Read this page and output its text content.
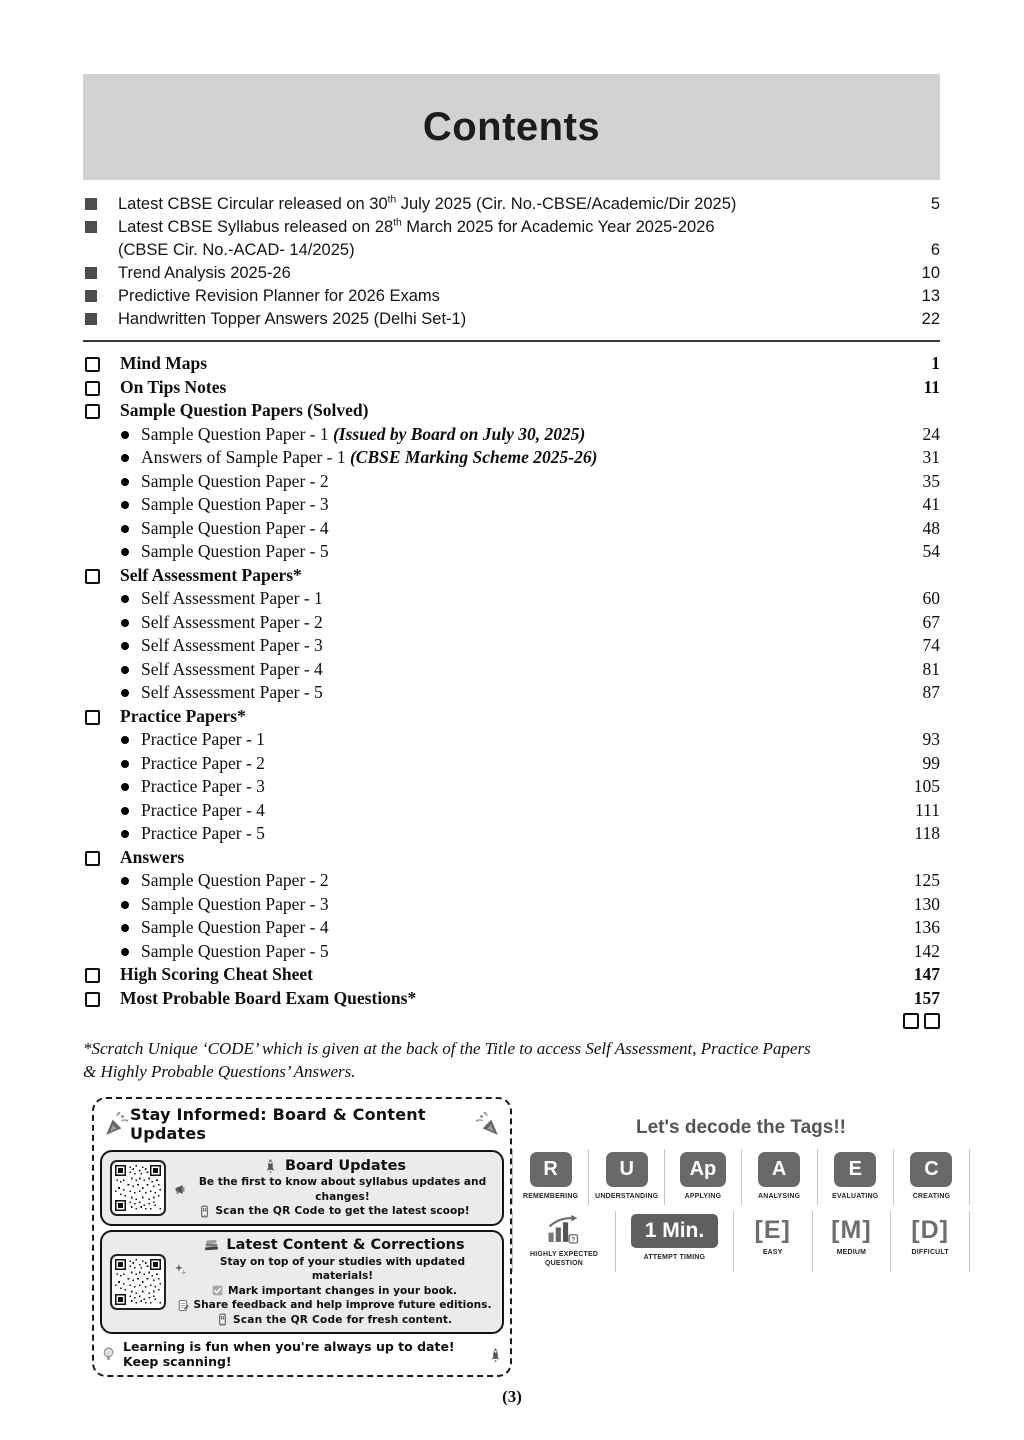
Contents
Latest CBSE Circular released on 30th July 2025 (Cir. No.-CBSE/Academic/Dir 2025)	5
Latest CBSE Syllabus released on 28th March 2025 for Academic Year 2025-2026
(CBSE Cir. No.-ACAD- 14/2025)	6
Trend Analysis 2025-26	10
Predictive Revision Planner for 2026 Exams	13
Handwritten Topper Answers 2025 (Delhi Set-1)	22
Mind Maps	1
On Tips Notes	11
Sample Question Papers (Solved)
Sample Question Paper - 1 (Issued by Board on July 30, 2025)	24
Answers of Sample Paper - 1 (CBSE Marking Scheme 2025-26)	31
Sample Question Paper - 2	35
Sample Question Paper - 3	41
Sample Question Paper - 4	48
Sample Question Paper - 5	54
Self Assessment Papers*
Self Assessment Paper - 1	60
Self Assessment Paper - 2	67
Self Assessment Paper - 3	74
Self Assessment Paper - 4	81
Self Assessment Paper - 5	87
Practice Papers*
Practice Paper - 1	93
Practice Paper - 2	99
Practice Paper - 3	105
Practice Paper - 4	111
Practice Paper - 5	118
Answers
Sample Question Paper - 2	125
Sample Question Paper - 3	130
Sample Question Paper - 4	136
Sample Question Paper - 5	142
High Scoring Cheat Sheet	147
Most Probable Board Exam Questions*	157
*Scratch Unique ‘CODE’ which is given at the back of the Title to access Self Assessment, Practice Papers
& Highly Probable Questions’ Answers.
Stay Informed: Board & Content Updates
Board Updates
Be the first to know about syllabus updates and changes!
Scan the QR Code to get the latest scoop!
Latest Content & Corrections
Stay on top of your studies with updated materials!
Mark important changes in your book.
Share feedback and help improve future editions.
Scan the QR Code for fresh content.
Learning is fun when you're always up to date! Keep scanning!
Let's decode the Tags!!
R
REMEMBERING
U
UNDERSTANDING
Ap
APPLYING
A
ANALYSING
E
EVALUATING
C
CREATING
?
HIGHLY EXPECTED QUESTION
1 Min.
ATTEMPT TIMING
[E]
EASY
[M]
MEDIUM
[D]
DIFFICULT
(3)
